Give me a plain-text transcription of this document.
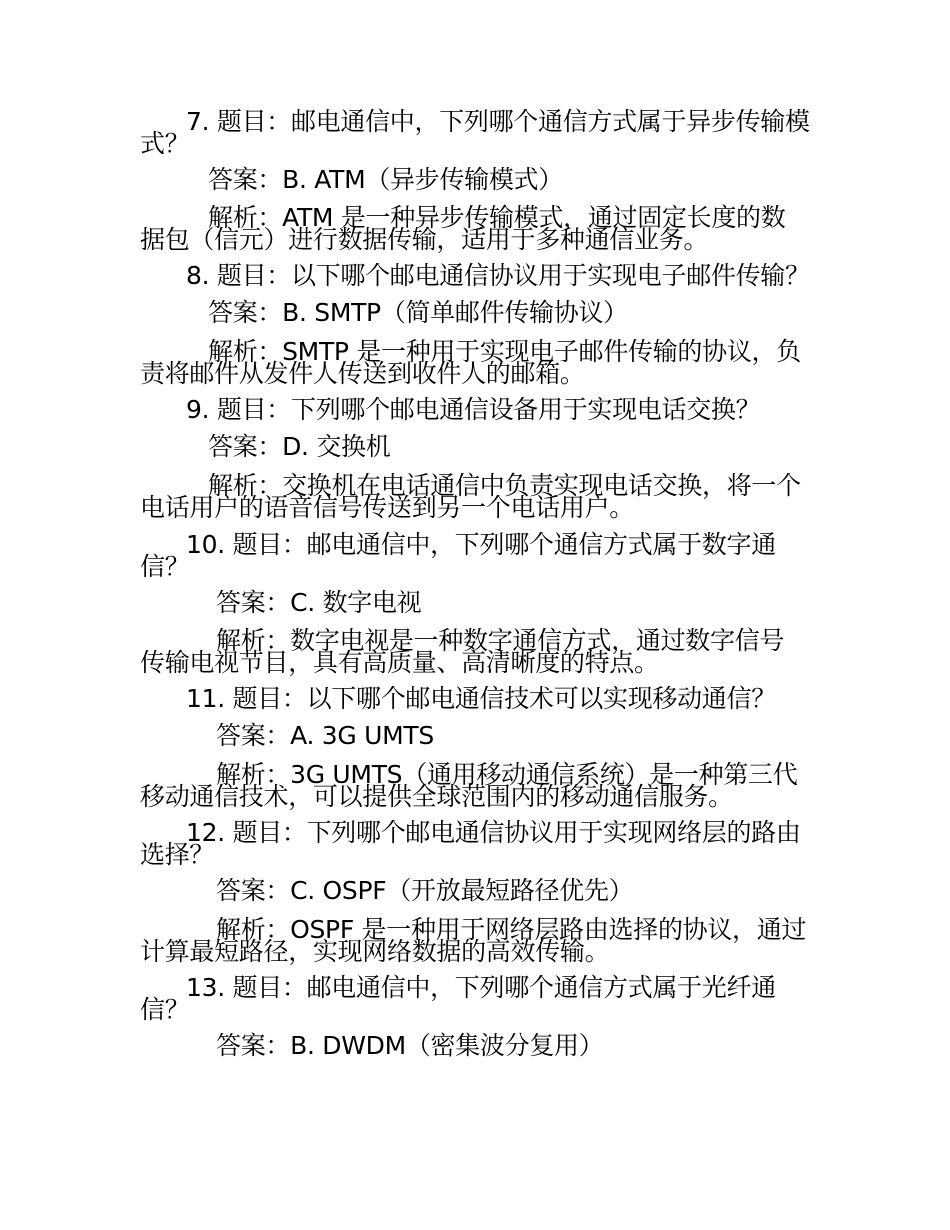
7. 题目：邮电通信中，下列哪个通信方式属于异步传输模
式？
答案：B. ATM（异步传输模式）
解析：ATM 是一种异步传输模式，通过固定长度的数
据包（信元）进行数据传输，适用于多种通信业务。
8. 题目：以下哪个邮电通信协议用于实现电子邮件传输？
答案：B. SMTP（简单邮件传输协议）
解析：SMTP 是一种用于实现电子邮件传输的协议，负
责将邮件从发件人传送到收件人的邮箱。
9. 题目：下列哪个邮电通信设备用于实现电话交换？
答案：D. 交换机
解析：交换机在电话通信中负责实现电话交换，将一个
电话用户的语音信号传送到另一个电话用户。
10. 题目：邮电通信中，下列哪个通信方式属于数字通
信？
答案：C. 数字电视
解析：数字电视是一种数字通信方式，通过数字信号
传输电视节目，具有高质量、高清晰度的特点。
11. 题目：以下哪个邮电通信技术可以实现移动通信？
答案：A. 3G UMTS
解析：3G UMTS（通用移动通信系统）是一种第三代
移动通信技术，可以提供全球范围内的移动通信服务。
12. 题目：下列哪个邮电通信协议用于实现网络层的路由
选择？
答案：C. OSPF（开放最短路径优先）
解析：OSPF 是一种用于网络层路由选择的协议，通过
计算最短路径，实现网络数据的高效传输。
13. 题目：邮电通信中，下列哪个通信方式属于光纤通
信？
答案：B. DWDM（密集波分复用）
